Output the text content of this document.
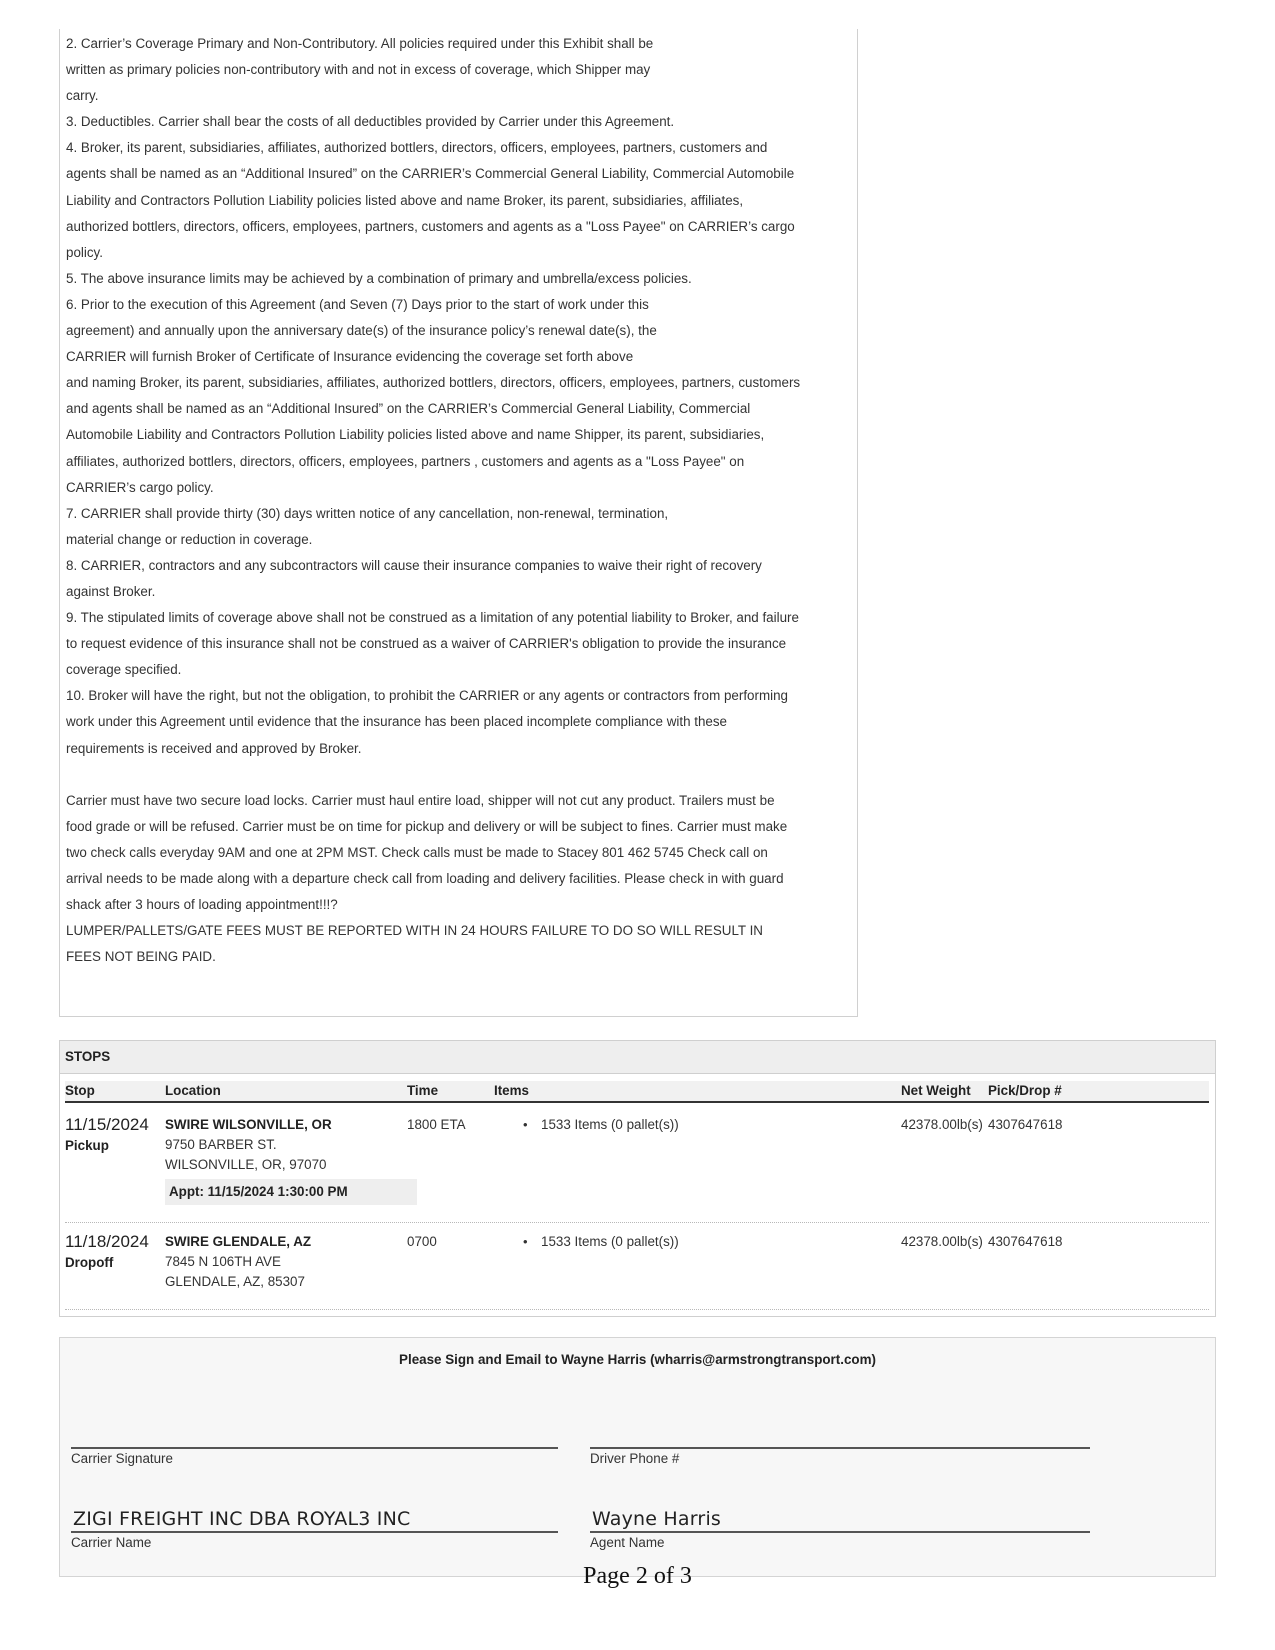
2. Carrier’s Coverage Primary and Non-Contributory. All policies required under this Exhibit shall be
written as primary policies non-contributory with and not in excess of coverage, which Shipper may
carry.
3. Deductibles. Carrier shall bear the costs of all deductibles provided by Carrier under this Agreement.
4. Broker, its parent, subsidiaries, affiliates, authorized bottlers, directors, officers, employees, partners, customers and
agents shall be named as an “Additional Insured” on the CARRIER’s Commercial General Liability, Commercial Automobile
Liability and Contractors Pollution Liability policies listed above and name Broker, its parent, subsidiaries, affiliates,
authorized bottlers, directors, officers, employees, partners, customers and agents as a "Loss Payee" on CARRIER’s cargo
policy.
5. The above insurance limits may be achieved by a combination of primary and umbrella/excess policies.
6. Prior to the execution of this Agreement (and Seven (7) Days prior to the start of work under this
agreement) and annually upon the anniversary date(s) of the insurance policy’s renewal date(s), the
CARRIER will furnish Broker of Certificate of Insurance evidencing the coverage set forth above
and naming Broker, its parent, subsidiaries, affiliates, authorized bottlers, directors, officers, employees, partners, customers
and agents shall be named as an “Additional Insured” on the CARRIER’s Commercial General Liability, Commercial
Automobile Liability and Contractors Pollution Liability policies listed above and name Shipper, its parent, subsidiaries,
affiliates, authorized bottlers, directors, officers, employees, partners , customers and agents as a "Loss Payee" on
CARRIER’s cargo policy.
7. CARRIER shall provide thirty (30) days written notice of any cancellation, non-renewal, termination,
material change or reduction in coverage.
8. CARRIER, contractors and any subcontractors will cause their insurance companies to waive their right of recovery
against Broker.
9. The stipulated limits of coverage above shall not be construed as a limitation of any potential liability to Broker, and failure
to request evidence of this insurance shall not be construed as a waiver of CARRIER's obligation to provide the insurance
coverage specified.
10. Broker will have the right, but not the obligation, to prohibit the CARRIER or any agents or contractors from performing
work under this Agreement until evidence that the insurance has been placed incomplete compliance with these
requirements is received and approved by Broker.
Carrier must have two secure load locks. Carrier must haul entire load, shipper will not cut any product. Trailers must be
food grade or will be refused. Carrier must be on time for pickup and delivery or will be subject to fines. Carrier must make
two check calls everyday 9AM and one at 2PM MST. Check calls must be made to Stacey 801 462 5745 Check call on
arrival needs to be made along with a departure check call from loading and delivery facilities. Please check in with guard
shack after 3 hours of loading appointment!!!?
LUMPER/PALLETS/GATE FEES MUST BE REPORTED WITH IN 24 HOURS FAILURE TO DO SO WILL RESULT IN
FEES NOT BEING PAID.
STOPS
Stop	Location	Time	Items	Net Weight Pick/Drop #
11/15/2024
Pickup
SWIRE WILSONVILLE, OR
9750 BARBER ST.
WILSONVILLE, OR, 97070
Appt: 11/15/2024 1:30:00 PM
1800 ETA	• 1533 Items (0 pallet(s))	42378.00lb(s) 4307647618
11/18/2024
Dropoff
SWIRE GLENDALE, AZ
7845 N 106TH AVE
GLENDALE, AZ, 85307
0700	• 1533 Items (0 pallet(s))	42378.00lb(s) 4307647618
Please Sign and Email to Wayne Harris (wharris@armstrongtransport.com)
Carrier Signature	Driver Phone #
ZIGI FREIGHT INC DBA ROYAL3 INC
Carrier Name
Wayne Harris
Agent Name
Page 2 of 3
